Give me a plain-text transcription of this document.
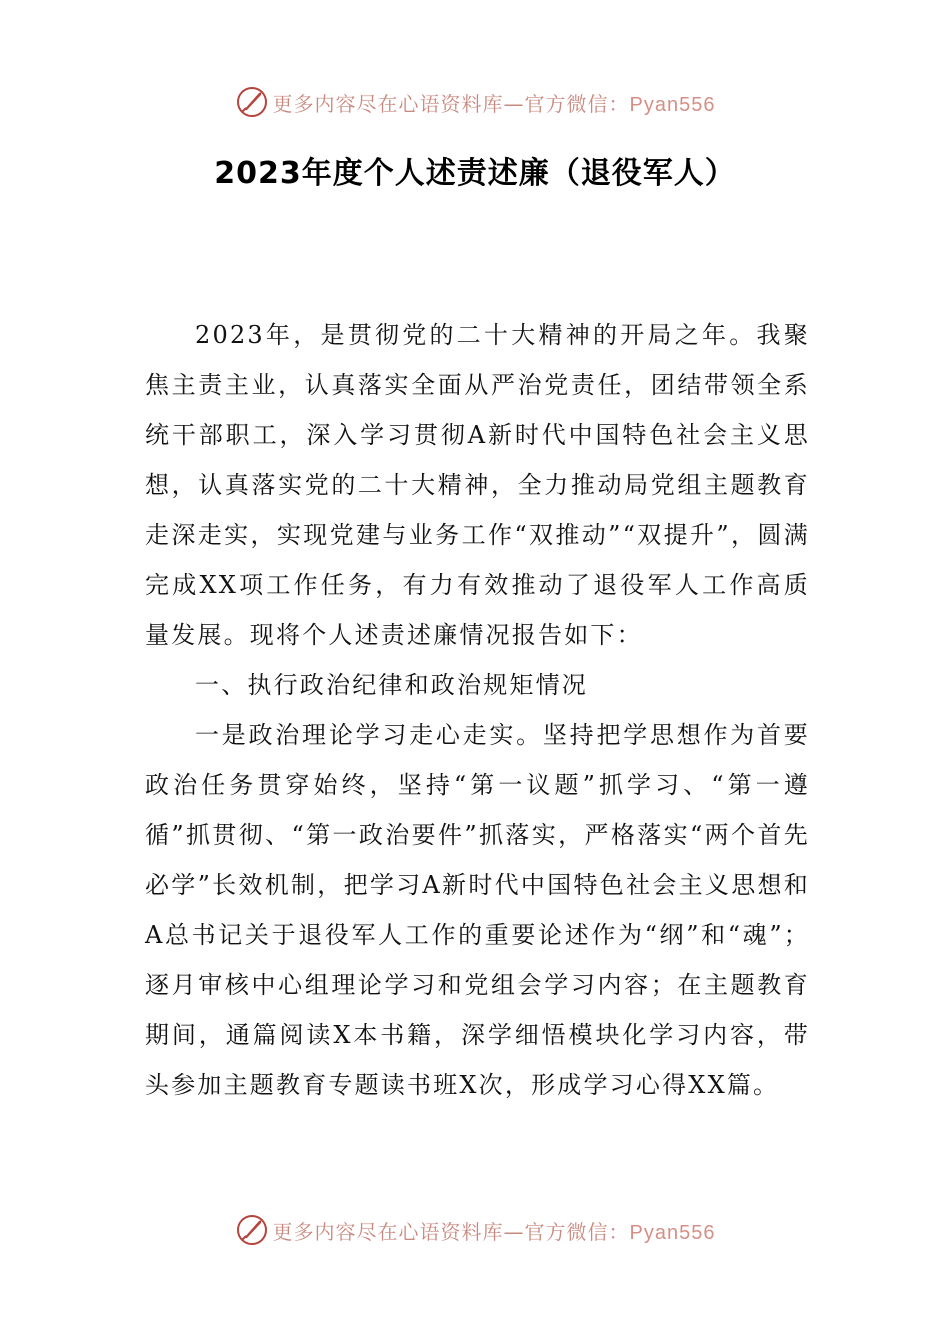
更多内容尽在心语资料库—官方微信：Pyan556
2023年度个人述责述廉（退役军人）

2023年，是贯彻党的二十大精神的开局之年。我聚焦主责主业，认真落实全面从严治党责任，团结带领全系统干部职工，深入学习贯彻A新时代中国特色社会主义思想，认真落实党的二十大精神，全力推动局党组主题教育走深走实，实现党建与业务工作“双推动”“双提升”，圆满完成XX项工作任务，有力有效推动了退役军人工作高质量发展。现将个人述责述廉情况报告如下：

一、执行政治纪律和政治规矩情况

一是政治理论学习走心走实。坚持把学思想作为首要政治任务贯穿始终，坚持“第一议题”抓学习、“第一遵循”抓贯彻、“第一政治要件”抓落实，严格落实“两个首先必学”长效机制，把学习A新时代中国特色社会主义思想和A总书记关于退役军人工作的重要论述作为“纲”和“魂”；逐月审核中心组理论学习和党组会学习内容；在主题教育期间，通篇阅读X本书籍，深学细悟模块化学习内容，带头参加主题教育专题读书班X次，形成学习心得XX篇。

更多内容尽在心语资料库—官方微信：Pyan556
